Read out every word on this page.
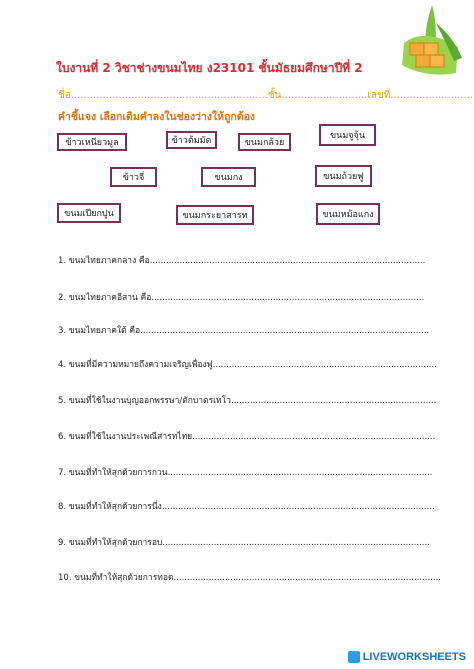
ใบงานที่ 2 วิชาช่างขนมไทย ง23101 ชั้นมัธยมศึกษาปีที่ 2
ชื่อ..............................................................ชั้น...........................เลขที่..........................
คำชี้แจง เลือกเติมคำลงในช่องว่างให้ถูกต้อง
ข้าวเหนียวมูล	ข้าวต้มมัด	ขนมกล้วย
ขนมจูจุ้น
ข้าวจี่	ขนมกง	ขนมถ้วยฟู
ขนมเปียกปูน	ขนมกระยาสารท	ขนมหม้อแกง
1. ขนมไทยภาคกลาง คือ......................................................................................................
2. ขนมไทยภาคอีสาน คือ.....................................................................................................
3. ขนมไทยภาคใต้ คือ...........................................................................................................
4. ขนมที่มีความหมายถึงความเจริญเพื่องฟู...................................................................................
5. ขนมที่ใช้ในงานบุญออกพรรษา/ตักบาตรเทโว............................................................................
6. ขนมที่ใช้ในงานประเพณีสารทไทย..........................................................................................
7. ขนมที่ทำให้สุกด้วยการกวน..................................................................................................
8. ขนมที่ทำให้สุกด้วยการนึ่ง.....................................................................................................
9. ขนมที่ทำให้สุกด้วยการอบ...................................................................................................
10. ขนมที่ทำให้สุกด้วยการทอด...................................................................................................
LIVEWORKSHEETS
